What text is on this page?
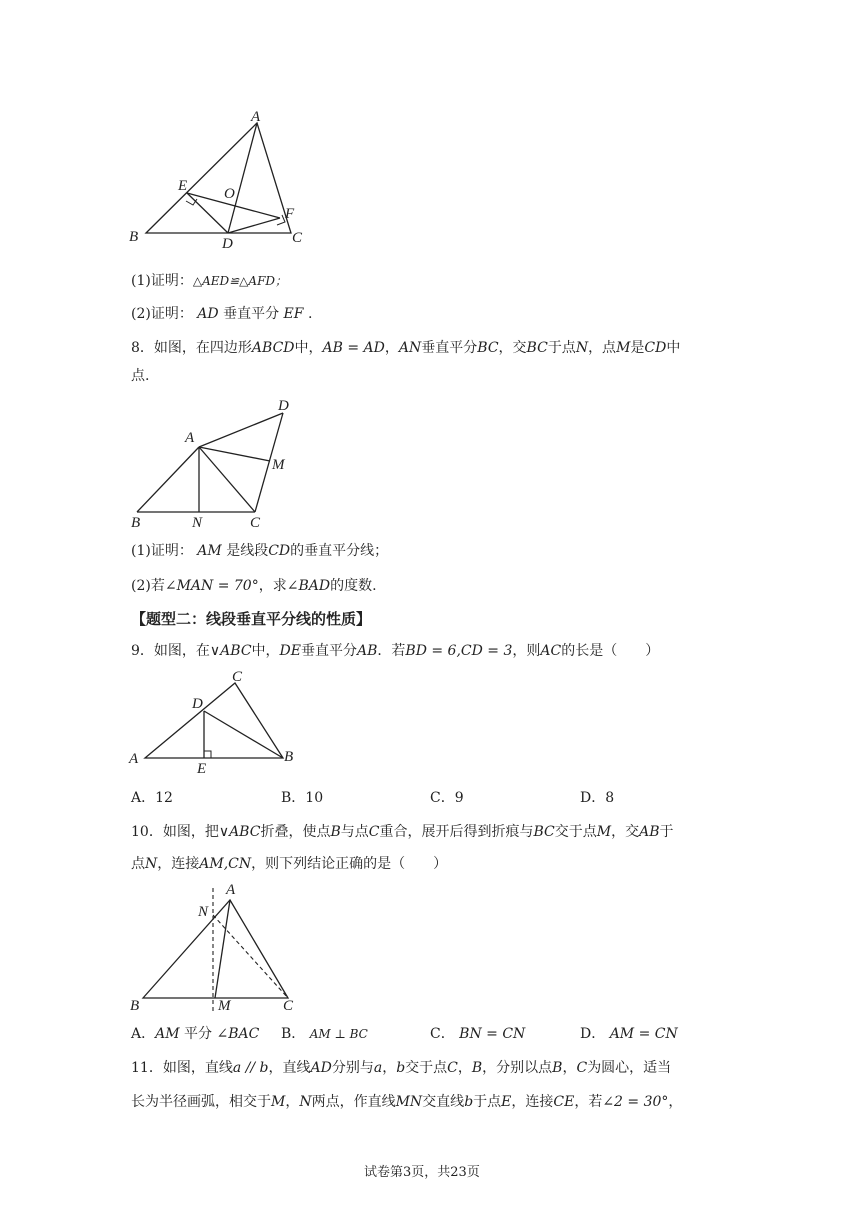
A
E O
F
B	D	C
(1)证明：△AED≌△AFD；
(2)证明： AD 垂直平分 EF .
8．如图，在四边形ABCD中，AB = AD，AN垂直平分BC，交BC于点N，点M是CD中
点.
A
D
M
B	N	C
(1)证明： AM 是线段CD的垂直平分线；
(2)若∠MAN = 70°，求∠BAD的度数.
【题型二：线段垂直平分线的性质】
9．如图，在∨ABC中，DE垂直平分AB．若BD = 6,CD = 3，则AC的长是（　　）
C
D
A	B
E
A．12	B．10	C．9	D．8
10．如图，把∨ABC折叠，使点B与点C重合，展开后得到折痕与BC交于点M，交AB于
点N，连接AM,CN，则下列结论正确的是（　　）
A
N
B	M	C
A．AM 平分 ∠BAC B． AM ⊥ BC	C． BN = CN	D． AM = CN
11．如图，直线a // b，直线AD分别与a，b交于点C，B，分别以点B，C为圆心，适当
长为半径画弧，相交于M，N两点，作直线MN交直线b于点E，连接CE，若∠2 = 30°，
试卷第3页，共23页
